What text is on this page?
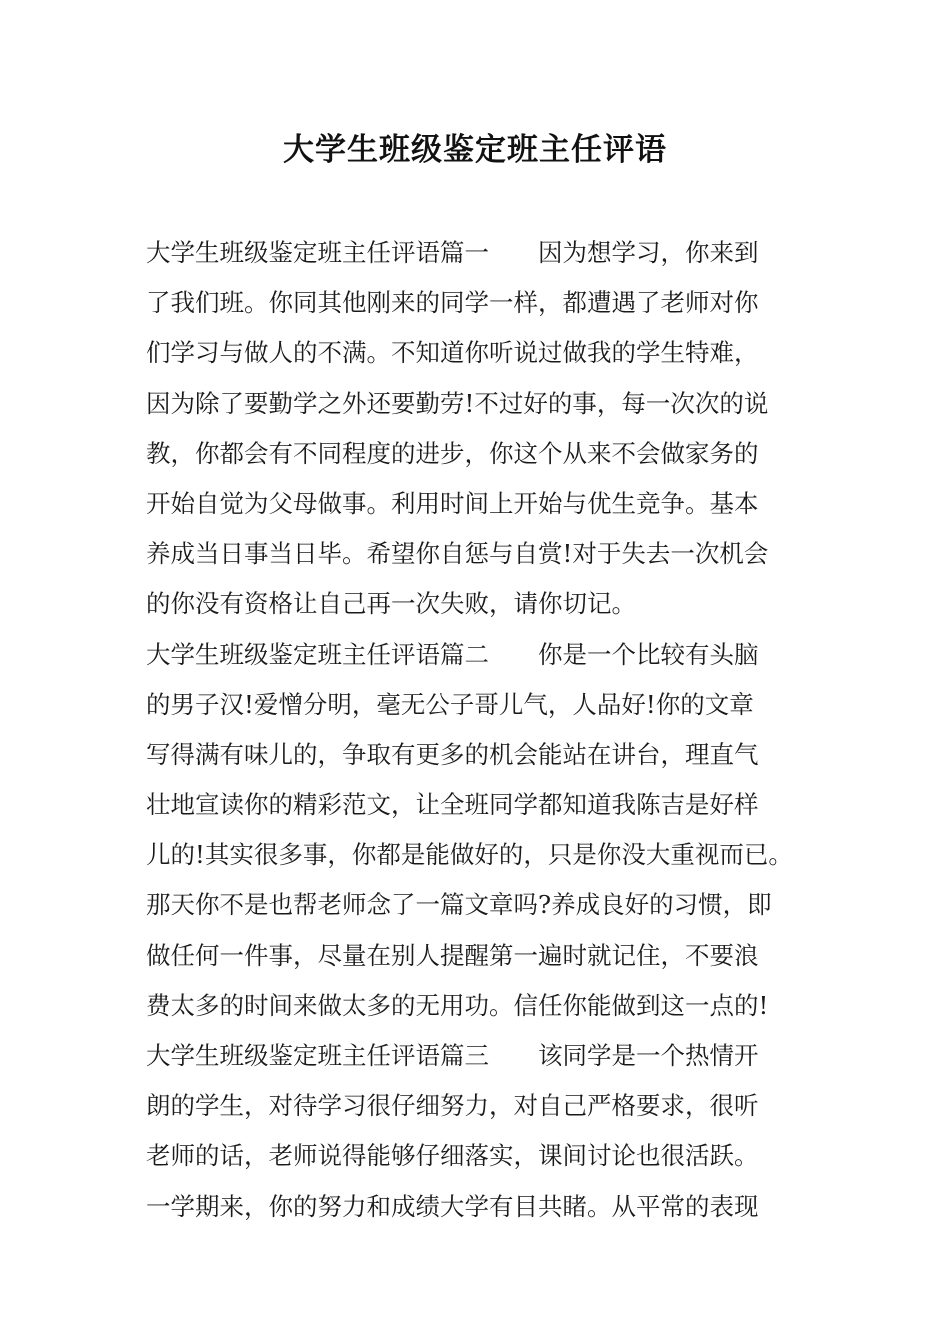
大学生班级鉴定班主任评语
大学生班级鉴定班主任评语篇一　　因为想学习，你来到
了我们班。你同其他刚来的同学一样，都遭遇了老师对你
们学习与做人的不满。不知道你听说过做我的学生特难，
因为除了要勤学之外还要勤劳!不过好的事，每一次次的说
教，你都会有不同程度的进步，你这个从来不会做家务的
开始自觉为父母做事。利用时间上开始与优生竞争。基本
养成当日事当日毕。希望你自惩与自赏!对于失去一次机会
的你没有资格让自己再一次失败，请你切记。
大学生班级鉴定班主任评语篇二　　你是一个比较有头脑
的男子汉!爱憎分明，毫无公子哥儿气，人品好!你的文章
写得满有味儿的，争取有更多的机会能站在讲台，理直气
壮地宣读你的精彩范文，让全班同学都知道我陈吉是好样
儿的!其实很多事，你都是能做好的，只是你没大重视而已。
那天你不是也帮老师念了一篇文章吗?养成良好的习惯，即
做任何一件事，尽量在别人提醒第一遍时就记住，不要浪
费太多的时间来做太多的无用功。信任你能做到这一点的!
大学生班级鉴定班主任评语篇三　　该同学是一个热情开
朗的学生，对待学习很仔细努力，对自己严格要求，很听
老师的话，老师说得能够仔细落实，课间讨论也很活跃。
一学期来，你的努力和成绩大学有目共睹。从平常的表现
